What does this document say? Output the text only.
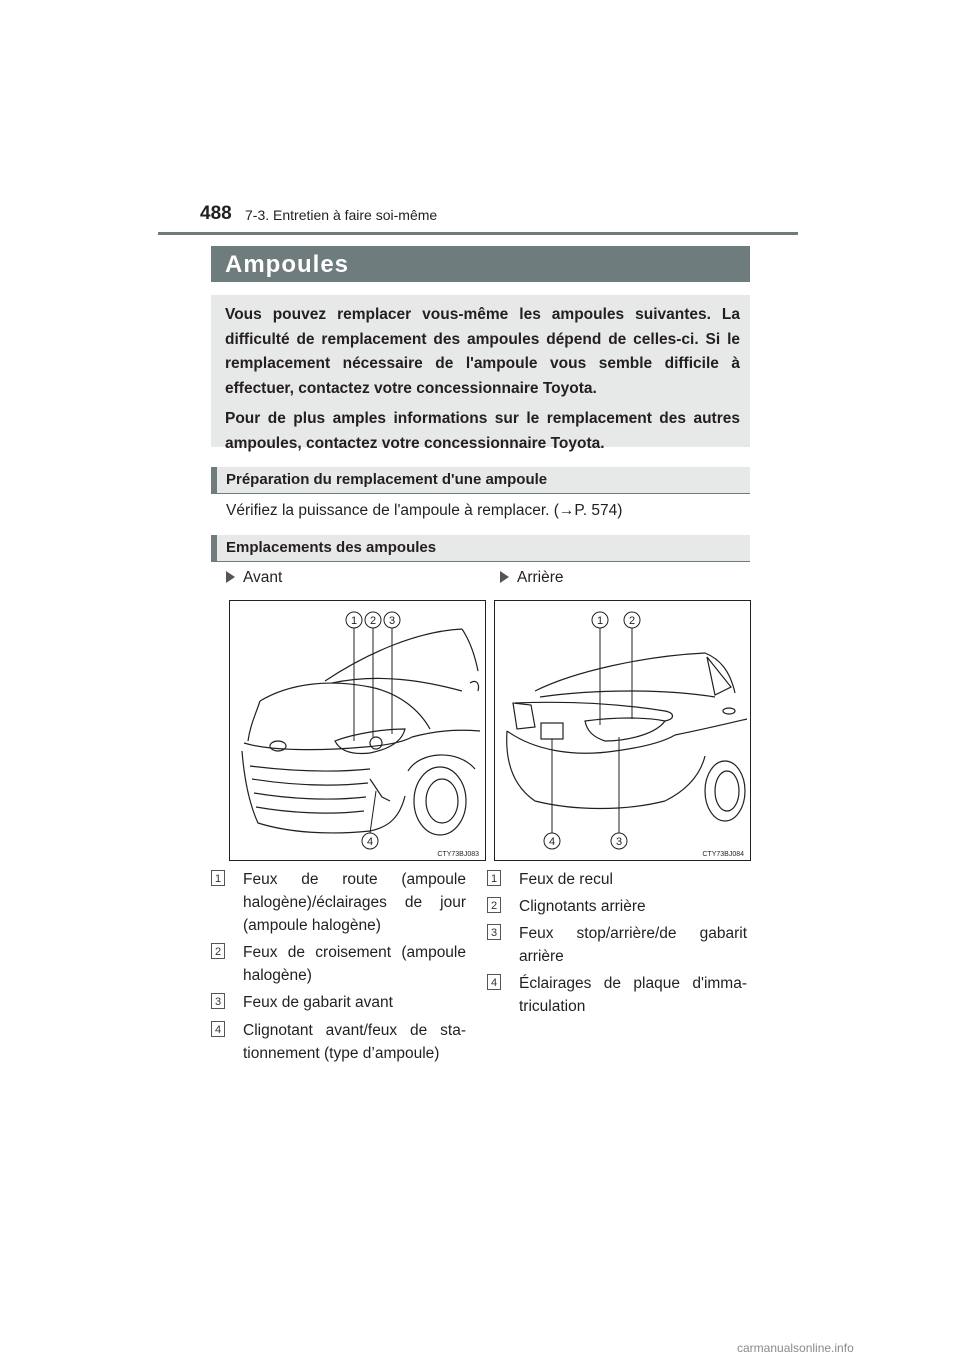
488 7-3. Entretien à faire soi-même
Ampoules

Vous pouvez remplacer vous-même les ampoules suivantes. La difficulté de remplacement des ampoules dépend de celles-ci. Si le remplacement nécessaire de l'ampoule vous semble difficile à effectuer, contactez votre concessionnaire Toyota.

Pour de plus amples informations sur le remplacement des autres ampoules, contactez votre concessionnaire Toyota.

Préparation du remplacement d'une ampoule
Vérifiez la puissance de l'ampoule à remplacer. (→P. 574)
Emplacements des ampoules
Avant	Arrière
1 2 3
4
CTY73BJ083
1 2
3
4
CTY73BJ084
1 Feux de route (ampoule halogène)/éclairages de jour (ampoule halogène)
2 Feux de croisement (ampoule halogène)
3 Feux de gabarit avant
4 Clignotant avant/feux de sta-tionnement (type d’ampoule)
1 Feux de recul
2 Clignotants arrière
3 Feux stop/arrière/de gabarit arrière
4 Éclairages de plaque d'imma-triculation
carmanualsonline.info
